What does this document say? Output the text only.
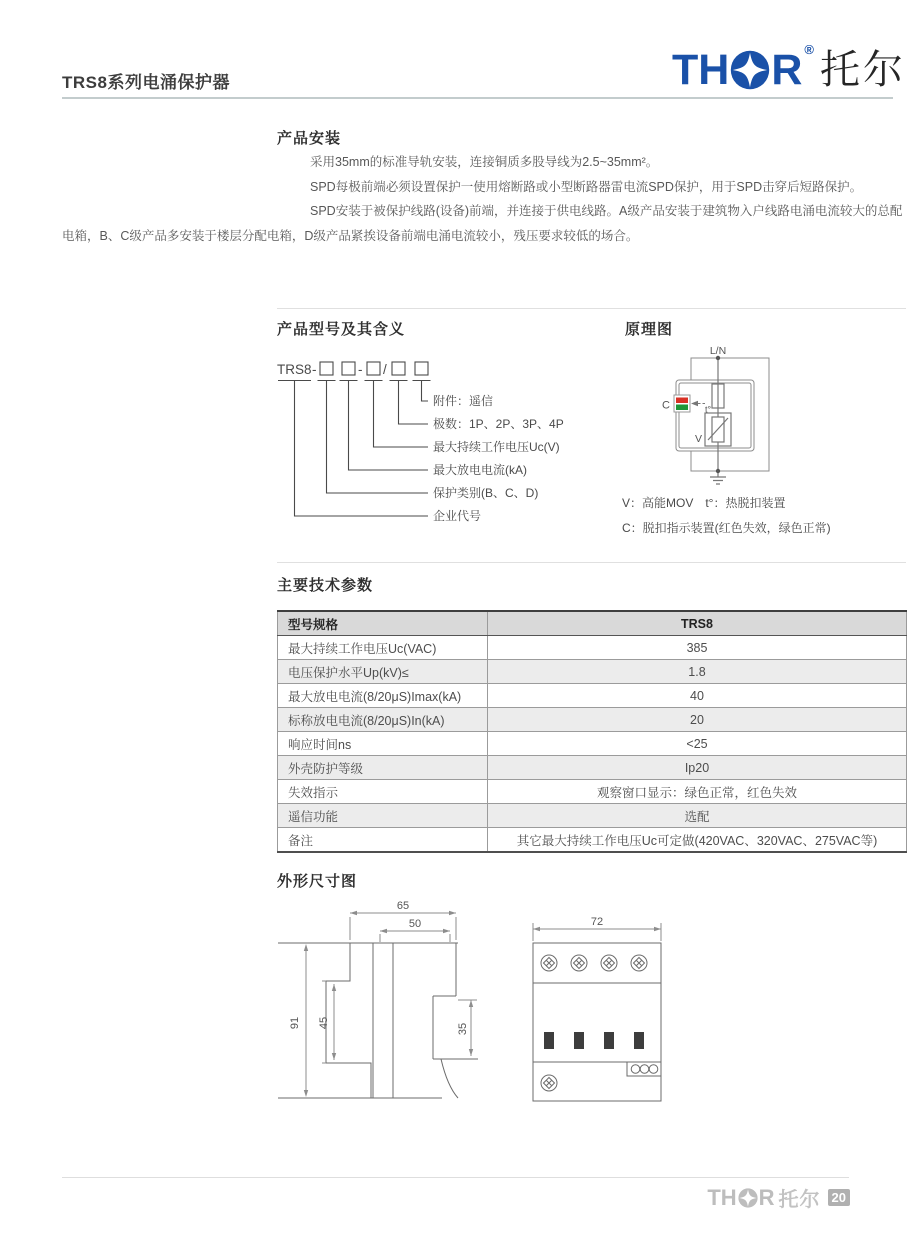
TRS8系列电涌保护器	TH R ® 托尔
产品安装

采用35mm的标准导轨安装，连接铜质多股导线为2.5~35mm²。

SPD每极前端必须设置保护一使用熔断路或小型断路器雷电流SPD保护，用于SPD击穿后短路保护。

SPD安装于被保护线路(设备)前端，并连接于供电线路。A级产品安装于建筑物入户线路电涌电流较大的总配电箱，B、C级产品多安装于楼层分配电箱，D级产品紧挨设备前端电涌电流较小，残压要求较低的场合。

产品型号及其含义
TRS8 -	- /
附件：遥信
极数：1P、2P、3P、4P
最大持续工作电压Uc(V)
最大放电电流(kA)
保护类别(B、C、D)
企业代号
原理图
L/N
C	t°
V
V：高能MOV　t°：热脱扣装置
C：脱扣指示装置(红色失效，绿色正常)
主要技术参数
型号规格	TRS8
最大持续工作电压Uc(VAC)	385
电压保护水平Up(kV)≤	1.8
最大放电电流(8/20μS)Imax(kA)	40
标称放电电流(8/20μS)In(kA)	20
响应时间ns	<25
外壳防护等级	Ip20
失效指示	观察窗口显示：绿色正常，红色失效
遥信功能	选配
备注	其它最大持续工作电压Uc可定做(420VAC、320VAC、275VAC等)
外形尺寸图
65
50
91 45	35
72
TH R 托尔 20
